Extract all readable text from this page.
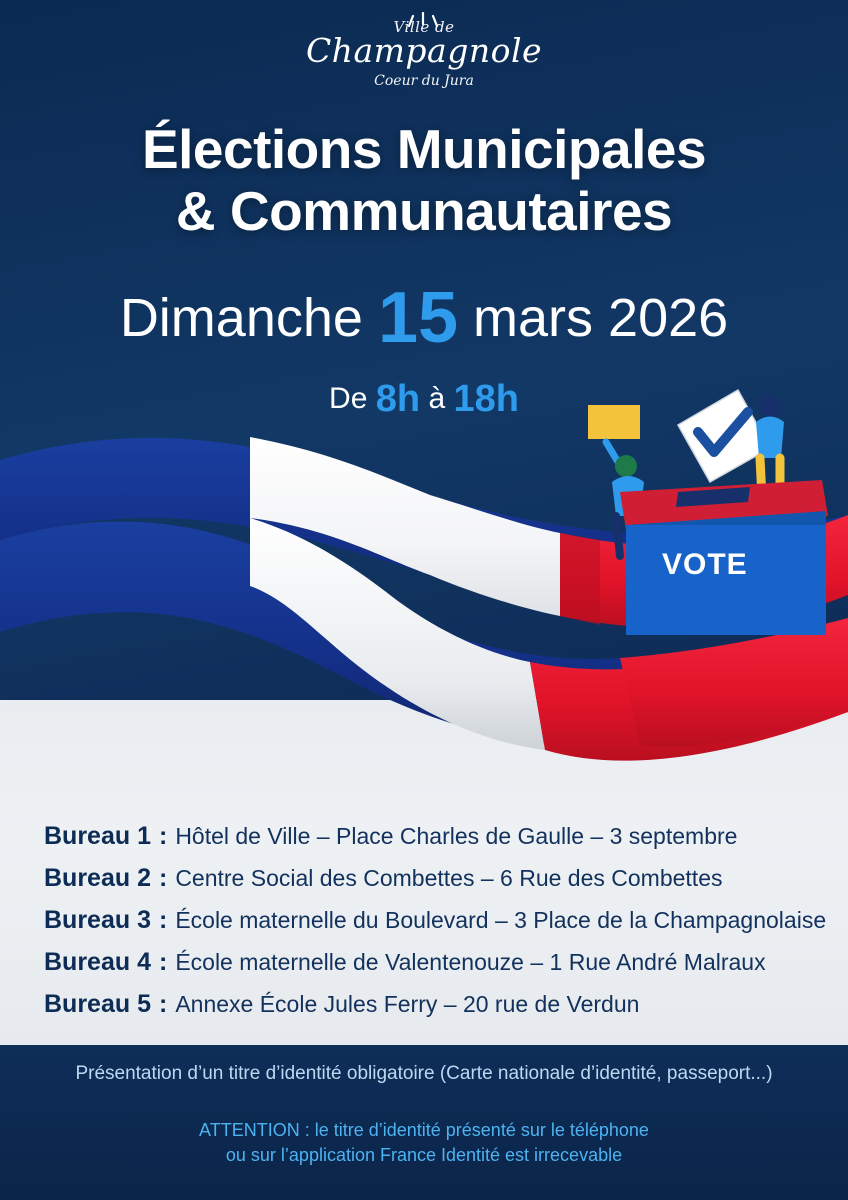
Ville de
Champagnole
Coeur du Jura
Élections Municipales
& Communautaires
Dimanche 15 mars 2026
De 8h à 18h
VOTE
Bureau 1 : Hôtel de Ville – Place Charles de Gaulle – 3 septembre
Bureau 2 : Centre Social des Combettes – 6 Rue des Combettes
Bureau 3 : École maternelle du Boulevard – 3 Place de la Champagnolaise
Bureau 4 : École maternelle de Valentenouze – 1 Rue André Malraux
Bureau 5 : Annexe École Jules Ferry – 20 rue de Verdun
Présentation d’un titre d’identité obligatoire (Carte nationale d’identité, passeport...)
ATTENTION : le titre d’identité présenté sur le téléphone
ou sur l’application France Identité est irrecevable
